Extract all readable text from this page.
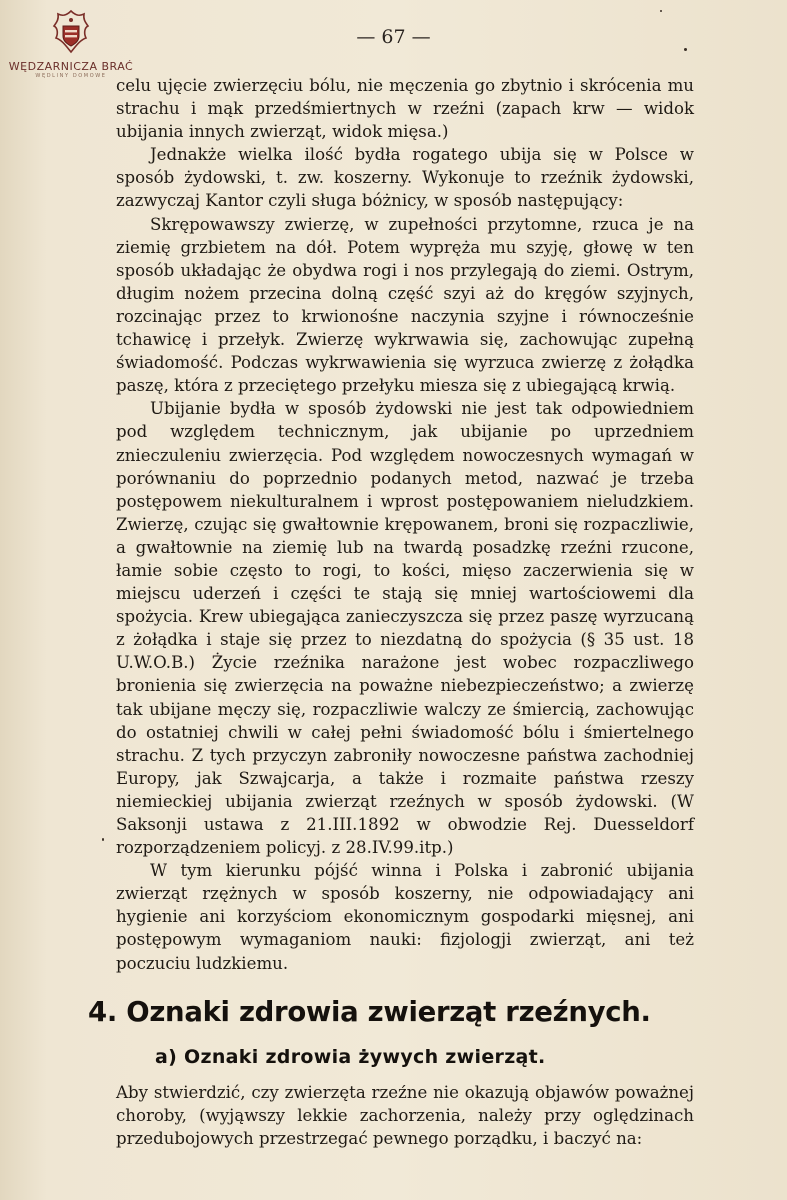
WĘDZARNICZA BRAĆ
WĘDLINY DOMOWE
— 67 —

celu ujęcie zwierzęciu bólu, nie męczenia go zbytnio i skrócenia mu strachu i mąk przedśmiertnych w rzeźni (zapach krw — widok ubijania innych zwierząt, widok mięsa.)

Jednakże wielka ilość bydła rogatego ubija się w Polsce w sposób żydowski, t. zw. koszerny. Wykonuje to rzeźnik żydowski, zazwyczaj Kantor czyli sługa bóżnicy, w sposób następujący:

Skrępowawszy zwierzę, w zupełności przytomne, rzuca je na ziemię grzbietem na dół. Potem wypręża mu szyję, głowę w ten sposób układając że obydwa rogi i nos przylegają do ziemi. Ostrym, długim nożem przecina dolną część szyi aż do kręgów szyjnych, rozcinając przez to krwionośne naczynia szyjne i równocześnie tchawicę i przełyk. Zwierzę wykrwawia się, zachowując zupełną świadomość. Podczas wykrwawienia się wyrzuca zwierzę z żołądka paszę, która z przeciętego przełyku miesza się z ubiegającą krwią.

Ubijanie bydła w sposób żydowski nie jest tak odpowiedniem pod względem technicznym, jak ubijanie po uprzedniem znieczuleniu zwierzęcia. Pod względem nowoczesnych wymagań w porównaniu do poprzednio podanych metod, nazwać je trzeba postępowem niekulturalnem i wprost postępowaniem nieludzkiem. Zwierzę, czując się gwałtownie krępowanem, broni się rozpaczliwie, a gwałtownie na ziemię lub na twardą posadzkę rzeźni rzucone, łamie sobie często to rogi, to kości, mięso zaczerwienia się w miejscu uderzeń i części te stają się mniej wartościowemi dla spożycia. Krew ubiegająca zanieczyszcza się przez paszę wyrzucaną z żołądka i staje się przez to niezdatną do spożycia (§ 35 ust. 18 U.W.O.B.) Życie rzeźnika narażone jest wobec rozpaczliwego bronienia się zwierzęcia na poważne niebezpieczeństwo; a zwierzę tak ubijane męczy się, rozpaczliwie walczy ze śmiercią, zachowując do ostatniej chwili w całej pełni świadomość bólu i śmiertelnego strachu. Z tych przyczyn zabroniły nowoczesne państwa zachodniej Europy, jak Szwajcarja, a także i rozmaite państwa rzeszy niemieckiej ubijania zwierząt rzeźnych w sposób żydowski. (W Saksonji ustawa z 21.III.1892 w obwodzie Rej. Duesseldorf rozporządzeniem policyj. z 28.IV.99.itp.)

W tym kierunku pójść winna i Polska i zabronić ubijania zwierząt rzężnych w sposób koszerny, nie odpowiadający ani hygienie ani korzyściom ekonomicznym gospodarki mięsnej, ani postępowym wymaganiom nauki: fizjologji zwierząt, ani też poczuciu ludzkiemu.

4. Oznaki zdrowia zwierząt rzeźnych.
a) Oznaki zdrowia żywych zwierząt.

Aby stwierdzić, czy zwierzęta rzeźne nie okazują objawów poważnej choroby, (wyjąwszy lekkie zachorzenia, należy przy oględzinach przedubojowych przestrzegać pewnego porządku, i baczyć na:
